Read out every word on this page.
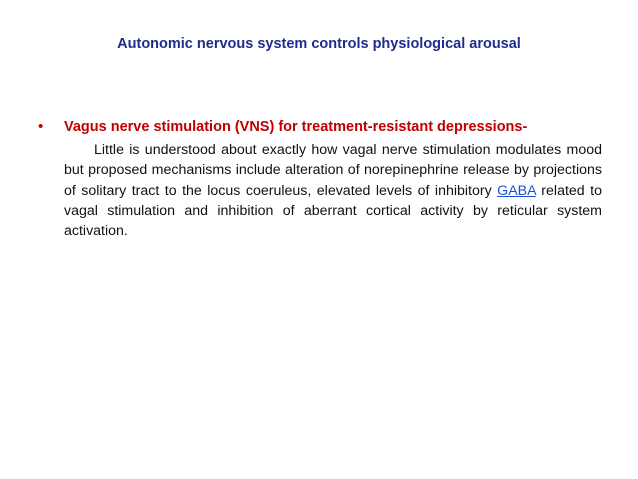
Autonomic nervous system controls physiological arousal
•	Vagus nerve stimulation (VNS) for treatment-resistant depressions-

Little is understood about exactly how vagal nerve stimulation modulates mood but proposed mechanisms include alteration of norepinephrine release by projections of solitary tract to the locus coeruleus, elevated levels of inhibitory GABA related to vagal stimulation and inhibition of aberrant cortical activity by reticular system activation.
